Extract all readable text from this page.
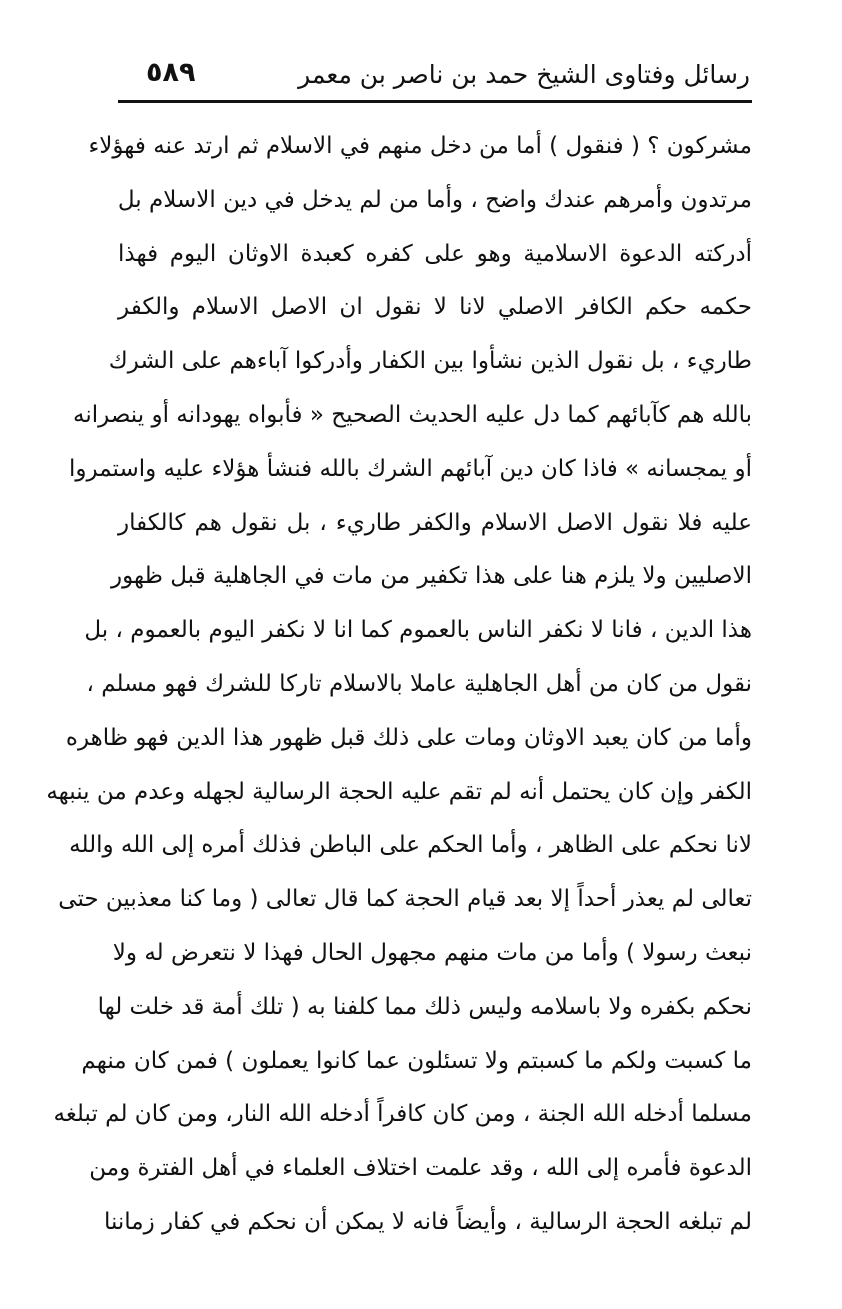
رسائل وفتاوى الشيخ حمد بن ناصر بن معمر
٥٨٩
مشركون ؟ ( فنقول ) أما من دخل منهم في الاسلام ثم ارتد عنه فهؤلاء
مرتدون وأمرهم عندك واضح ، وأما من لم يدخل في دين الاسلام بل
أدركته الدعوة الاسلامية وهو على كفره كعبدة الاوثان اليوم فهذا
حكمه حكم الكافر الاصلي لانا لا نقول ان الاصل الاسلام والكفر
طاريء ، بل نقول الذين نشأوا بين الكفار وأدركوا آباءهم على الشرك
بالله هم كآبائهم كما دل عليه الحديث الصحيح « فأبواه يهودانه أو ينصرانه
أو يمجسانه » فاذا كان دين آبائهم الشرك بالله فنشأ هؤلاء عليه واستمروا
عليه فلا نقول الاصل الاسلام والكفر طاريء ، بل نقول هم كالكفار
الاصليين ولا يلزم هنا على هذا تكفير من مات في الجاهلية قبل ظهور
هذا الدين ، فانا لا نكفر الناس بالعموم كما انا لا نكفر اليوم بالعموم ، بل
نقول من كان من أهل الجاهلية عاملا بالاسلام تاركا للشرك فهو مسلم ،
وأما من كان يعبد الاوثان ومات على ذلك قبل ظهور هذا الدين فهو ظاهره
الكفر وإن كان يحتمل أنه لم تقم عليه الحجة الرسالية لجهله وعدم من ينبهه
لانا نحكم على الظاهر ، وأما الحكم على الباطن فذلك أمره إلى الله والله
تعالى لم يعذر أحداً إلا بعد قيام الحجة كما قال تعالى ( وما كنا معذبين حتى
نبعث رسولا ) وأما من مات منهم مجهول الحال فهذا لا نتعرض له ولا
نحكم بكفره ولا باسلامه وليس ذلك مما كلفنا به ( تلك أمة قد خلت لها
ما كسبت ولكم ما كسبتم ولا تسئلون عما كانوا يعملون ) فمن كان منهم
مسلما أدخله الله الجنة ، ومن كان كافراً أدخله الله النار، ومن كان لم تبلغه
الدعوة فأمره إلى الله ، وقد علمت اختلاف العلماء في أهل الفترة ومن
لم تبلغه الحجة الرسالية ، وأيضاً فانه لا يمكن أن نحكم في كفار زماننا
